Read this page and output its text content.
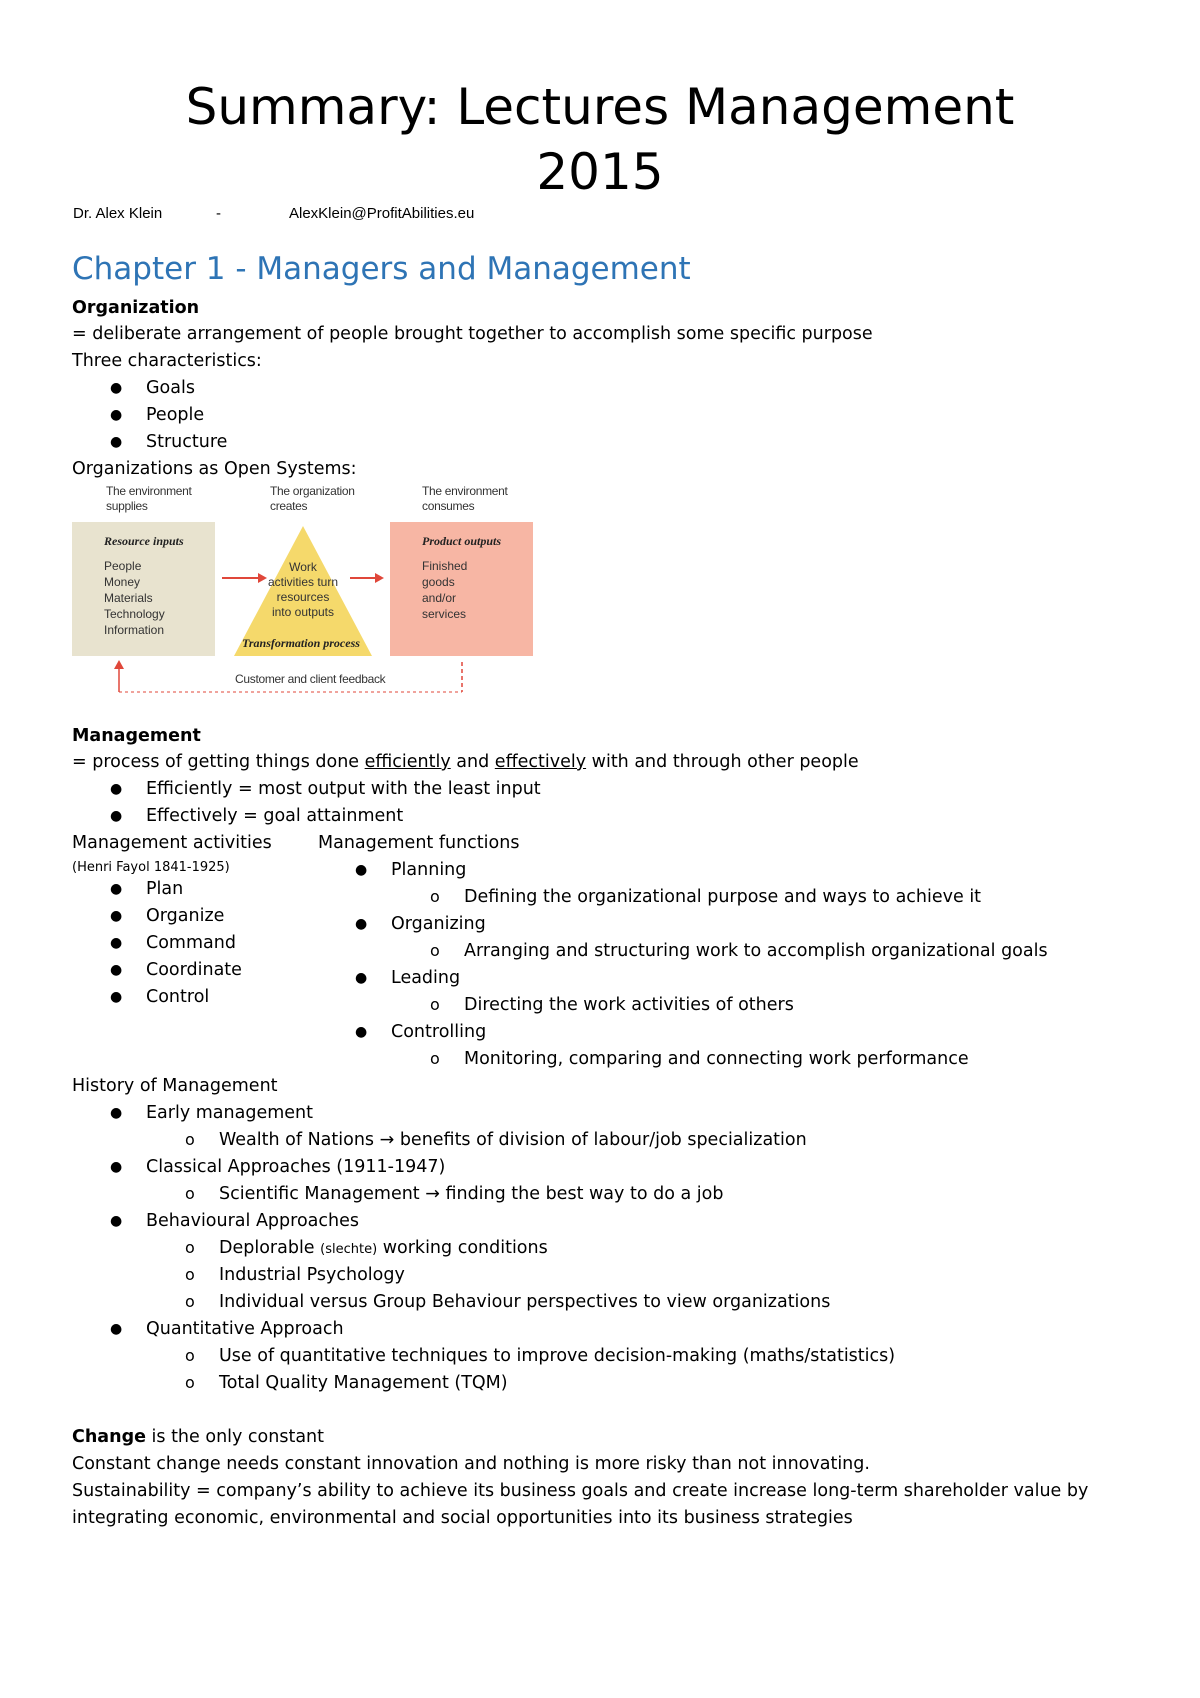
Summary: Lectures Management
2015
Dr. Alex Klein	-	AlexKlein@ProfitAbilities.eu
Chapter 1 - Managers and Management
Organization
= deliberate arrangement of people brought together to accomplish some specific purpose
Three characteristics:
● Goals
● People
● Structure
Organizations as Open Systems:
The environment
supplies
The organization
creates
The environment
consumes
Resource inputs
People
Money
Materials
Technology
Information
Work
activities turn
resources
into outputs
Transformation process
Product outputs
Finished
goods
and/or
services
Customer and client feedback
Management
= process of getting things done efficiently and effectively with and through other people
● Efficiently = most output with the least input
● Effectively = goal attainment
Management activities
(Henri Fayol 1841-1925)
● Plan
● Organize
● Command
● Coordinate
● Control
Management functions
● Planning
o Defining the organizational purpose and ways to achieve it
● Organizing
o Arranging and structuring work to accomplish organizational goals
● Leading
o Directing the work activities of others
● Controlling
o Monitoring, comparing and connecting work performance
History of Management
● Early management
o Wealth of Nations → benefits of division of labour/job specialization
● Classical Approaches (1911-1947)
o Scientific Management → finding the best way to do a job
● Behavioural Approaches
o Deplorable (slechte) working conditions
o Industrial Psychology
o Individual versus Group Behaviour perspectives to view organizations
● Quantitative Approach
o Use of quantitative techniques to improve decision-making (maths/statistics)
o Total Quality Management (TQM)
Change is the only constant
Constant change needs constant innovation and nothing is more risky than not innovating.
Sustainability = company’s ability to achieve its business goals and create increase long-term shareholder value by
integrating economic, environmental and social opportunities into its business strategies
